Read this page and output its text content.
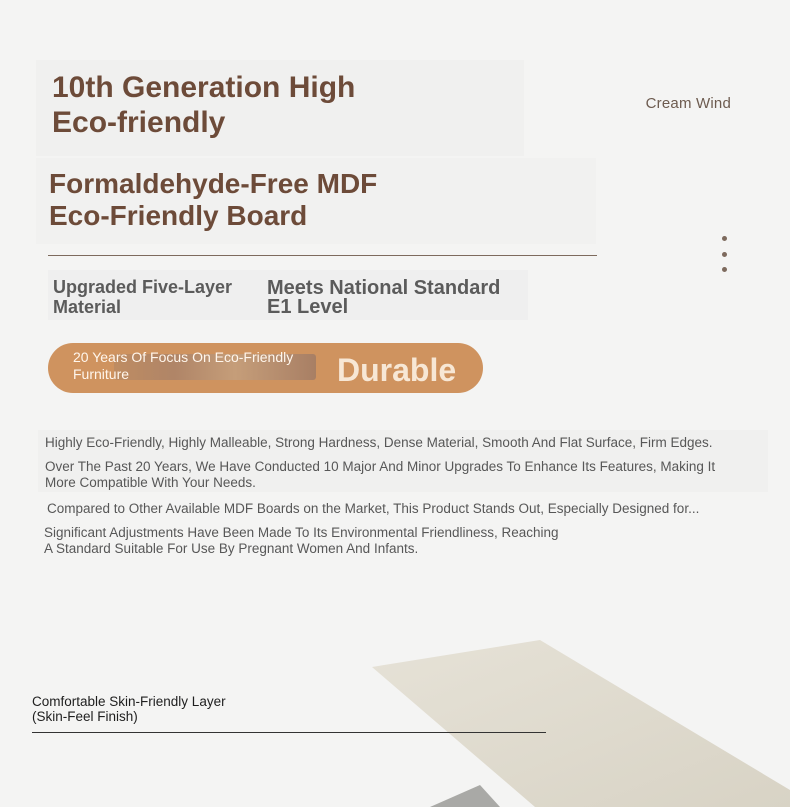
10th Generation High
Eco-friendly
Cream Wind
Formaldehyde-Free MDF
Eco-Friendly Board
Upgraded Five-Layer
Material
Meets National Standard
E1 Level
20 Years Of Focus On Eco-Friendly
Furniture	Durable
Highly Eco-Friendly, Highly Malleable, Strong Hardness, Dense Material, Smooth And Flat Surface, Firm Edges.
Over The Past 20 Years, We Have Conducted 10 Major And Minor Upgrades To Enhance Its Features, Making It
More Compatible With Your Needs.
Compared to Other Available MDF Boards on the Market, This Product Stands Out, Especially Designed for...
Significant Adjustments Have Been Made To Its Environmental Friendliness, Reaching
A Standard Suitable For Use By Pregnant Women And Infants.
Comfortable Skin-Friendly Layer
(Skin-Feel Finish)
